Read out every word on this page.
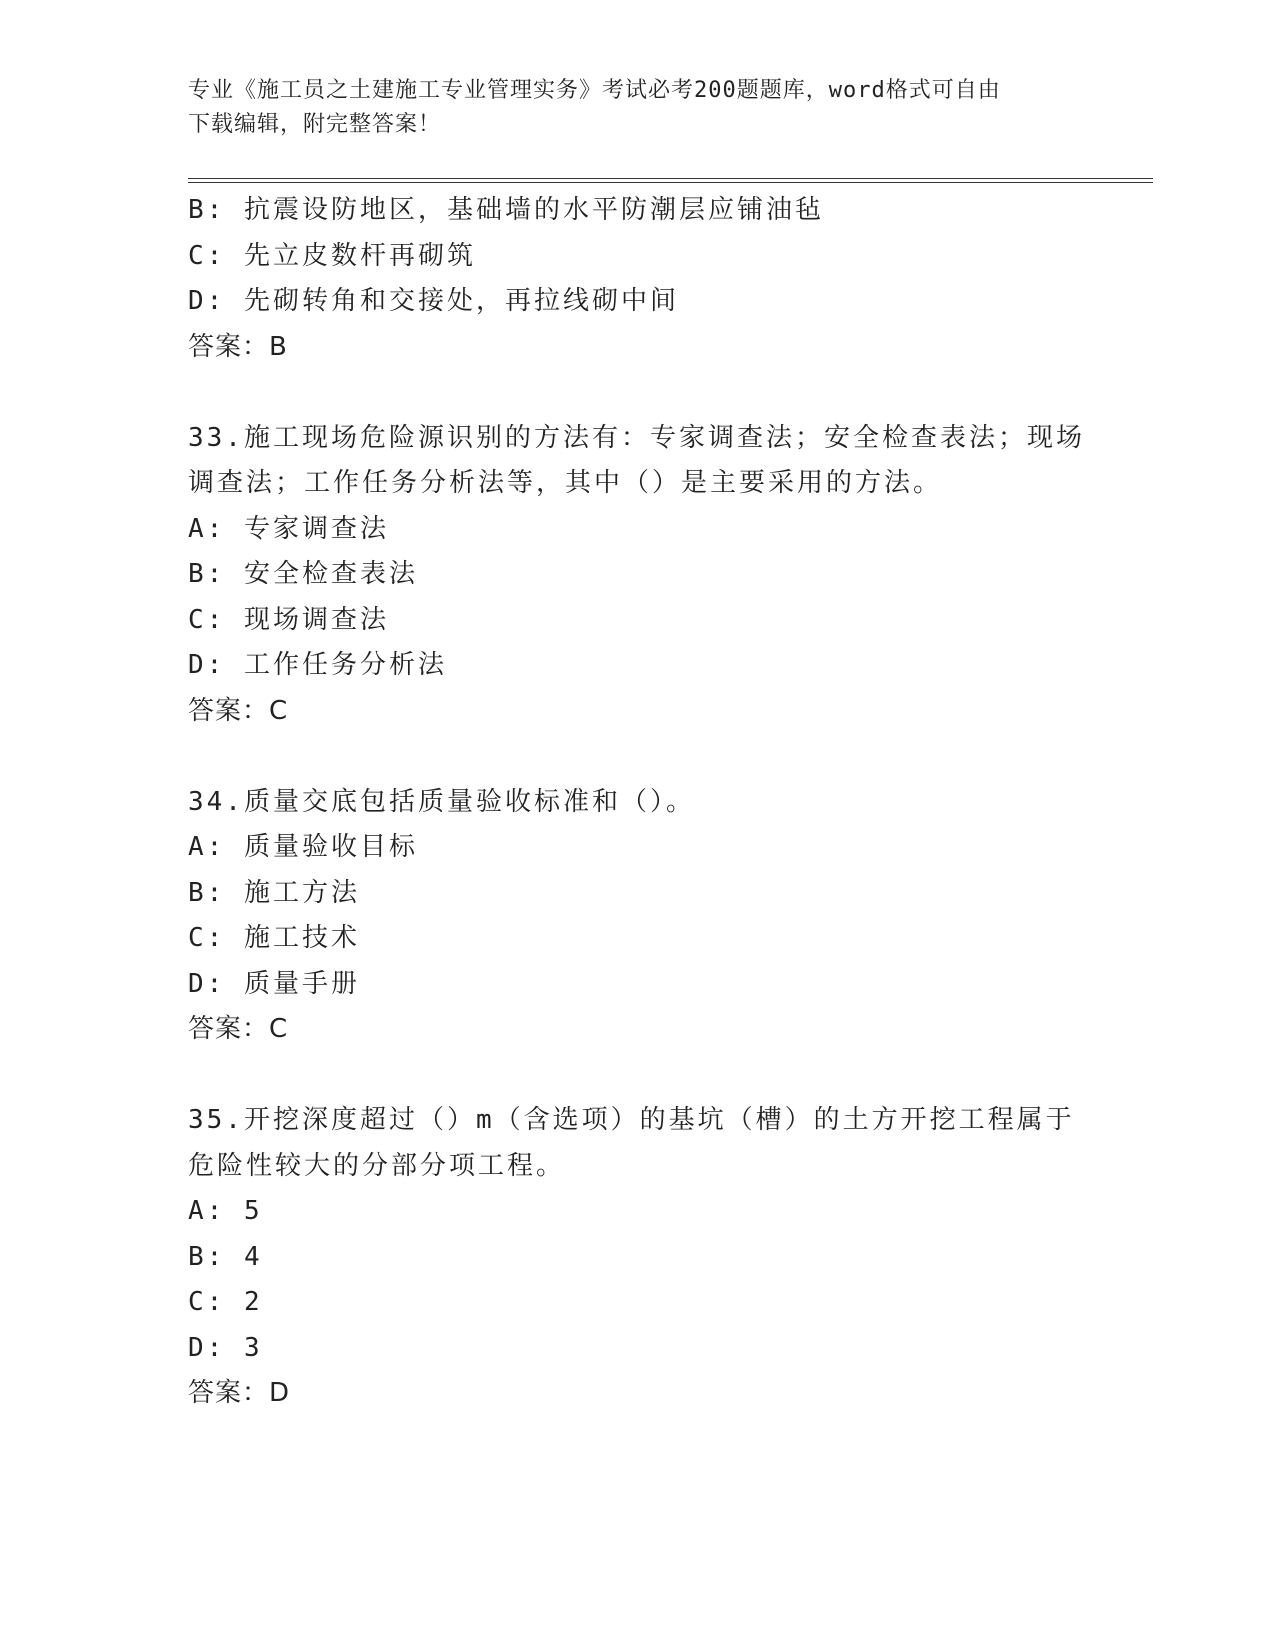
专业《施工员之土建施工专业管理实务》考试必考200题题库，word格式可自由
下载编辑，附完整答案！
B: 抗震设防地区，基础墙的水平防潮层应铺油毡
C: 先立皮数杆再砌筑
D: 先砌转角和交接处，再拉线砌中间
答案：B
33.施工现场危险源识别的方法有：专家调查法；安全检查表法；现场
调查法；工作任务分析法等，其中（）是主要采用的方法。
A: 专家调查法
B: 安全检查表法
C: 现场调查法
D: 工作任务分析法
答案：C
34.质量交底包括质量验收标准和（）。
A: 质量验收目标
B: 施工方法
C: 施工技术
D: 质量手册
答案：C
35.开挖深度超过（）m（含选项）的基坑（槽）的土方开挖工程属于
危险性较大的分部分项工程。
A: 5
B: 4
C: 2
D: 3
答案：D
